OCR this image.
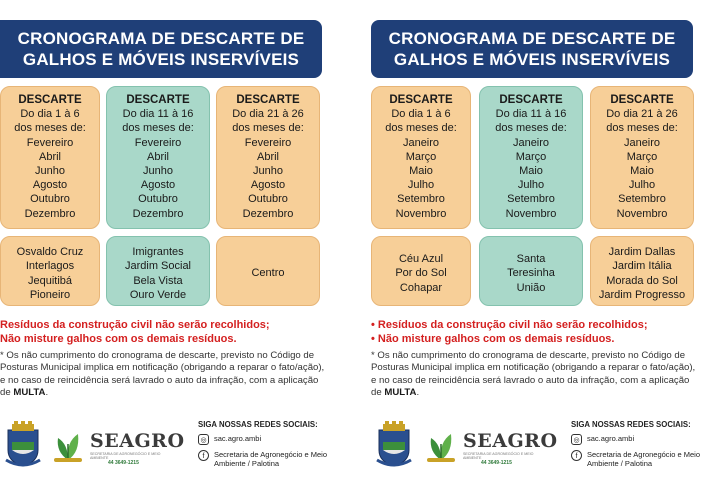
CRONOGRAMA DE DESCARTE DE
GALHOS E MÓVEIS INSERVÍVEIS
DESCARTE
Do dia 1 à 6
dos meses de:
Fevereiro
Abril
Junho
Agosto
Outubro
Dezembro
DESCARTE
Do dia 11 à 16
dos meses de:
Fevereiro
Abril
Junho
Agosto
Outubro
Dezembro
DESCARTE
Do dia 21 à 26
dos meses de:
Fevereiro
Abril
Junho
Agosto
Outubro
Dezembro
Osvaldo Cruz
Interlagos
Jequitibá
Pioneiro
Imigrantes
Jardim Social
Bela Vista
Ouro Verde
Centro
Resíduos da construção civil não serão recolhidos;
Não misture galhos com os demais resíduos.
* Os não cumprimento do cronograma de descarte, previsto no Código de Posturas Municipal implica em notificação (obrigando a reparar o fato/ação), e no caso de reincidência será lavrado o auto da infração, com a aplicação de MULTA.
SEAGRO
SECRETARIA DE AGRONEGÓCIO E MEIO AMBIENTE
44 3649-1215
SIGA NOSSAS REDES SOCIAIS:
◎ sac.agro.ambi
f	Secretaria de Agronegócio e Meio Ambiente / Palotina
CRONOGRAMA DE DESCARTE DE
GALHOS E MÓVEIS INSERVÍVEIS
DESCARTE
Do dia 1 à 6
dos meses de:
Janeiro
Março
Maio
Julho
Setembro
Novembro
DESCARTE
Do dia 11 à 16
dos meses de:
Janeiro
Março
Maio
Julho
Setembro
Novembro
DESCARTE
Do dia 21 à 26
dos meses de:
Janeiro
Março
Maio
Julho
Setembro
Novembro
Céu Azul
Por do Sol
Cohapar
Santa
Teresinha
União
Jardim Dallas
Jardim Itália
Morada do Sol
Jardim Progresso
• Resíduos da construção civil não serão recolhidos;
• Não misture galhos com os demais resíduos.
* Os não cumprimento do cronograma de descarte, previsto no Código de Posturas Municipal implica em notificação (obrigando a reparar o fato/ação), e no caso de reincidência será lavrado o auto da infração, com a aplicação de MULTA.
SEAGRO
SECRETARIA DE AGRONEGÓCIO E MEIO AMBIENTE
44 3649-1215
SIGA NOSSAS REDES SOCIAIS:
◎ sac.agro.ambi
f	Secretaria de Agronegócio e Meio Ambiente / Palotina
